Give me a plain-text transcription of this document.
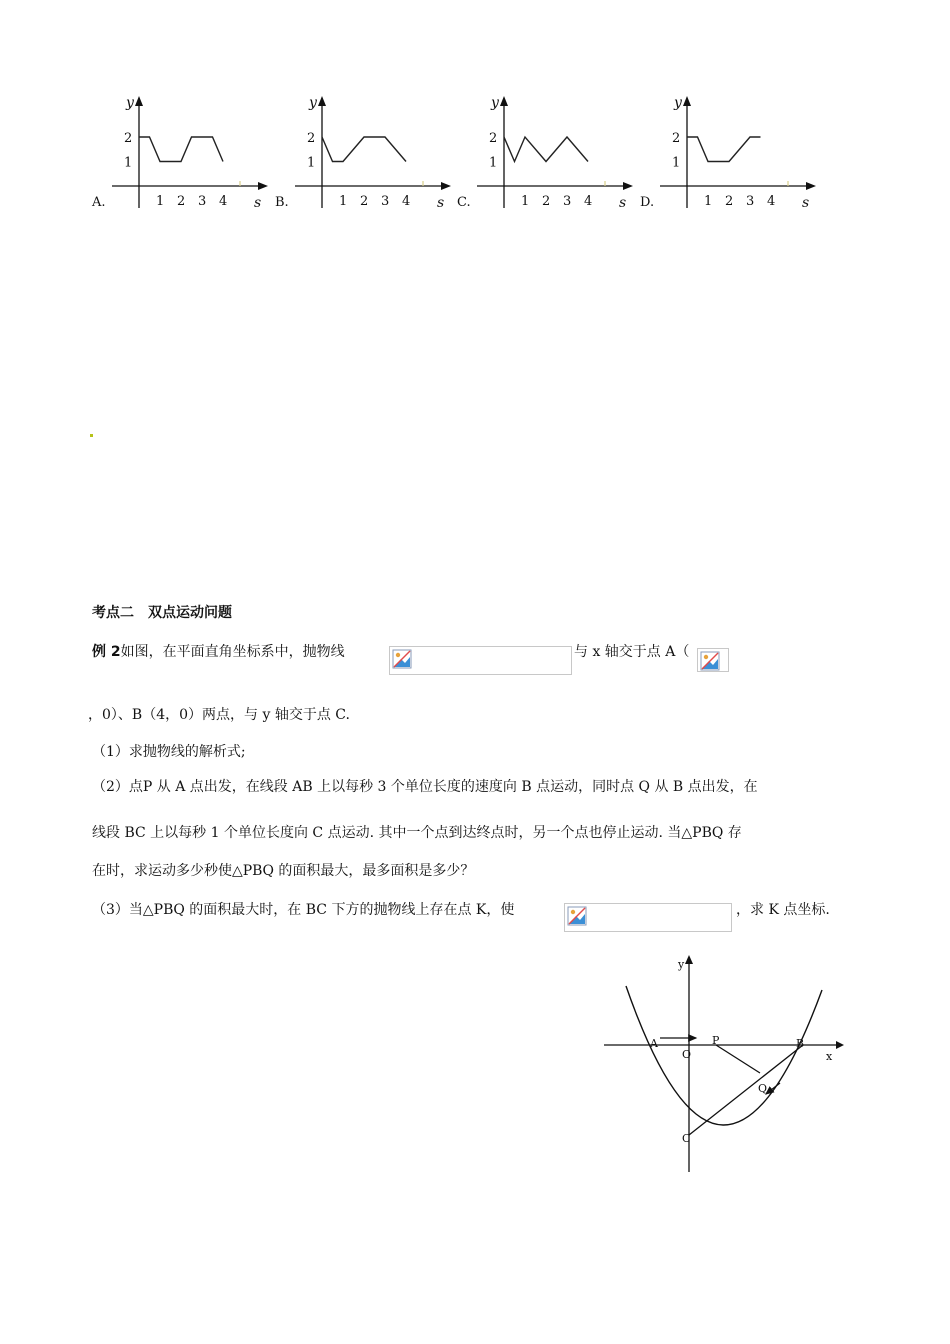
A.
y
s
2
1
1 2 3 4	B.
y
s
2
1
1 2 3 4	C.
y
s
2
1
1 2 3 4	D.
y
s
2
1
1 2 3 4
考点二　双点运动问题
例 2如图，在平面直角坐标系中，抛物线	与 x 轴交于点 A（
，0）、B（4，0）两点，与 y 轴交于点 C.
（1）求抛物线的解析式;
（2）点P 从 A 点出发，在线段 AB 上以每秒 3 个单位长度的速度向 B 点运动，同时点 Q 从 B 点出发，在
线段 BC 上以每秒 1 个单位长度向 C 点运动. 其中一个点到达终点时，另一个点也停止运动. 当△PBQ 存
在时，求运动多少秒使△PBQ 的面积最大，最多面积是多少？
（3）当△PBQ 的面积最大时，在 BC 下方的抛物线上存在点 K，使	，求 K 点坐标.
y
x
A
O
P	B
Q
C
